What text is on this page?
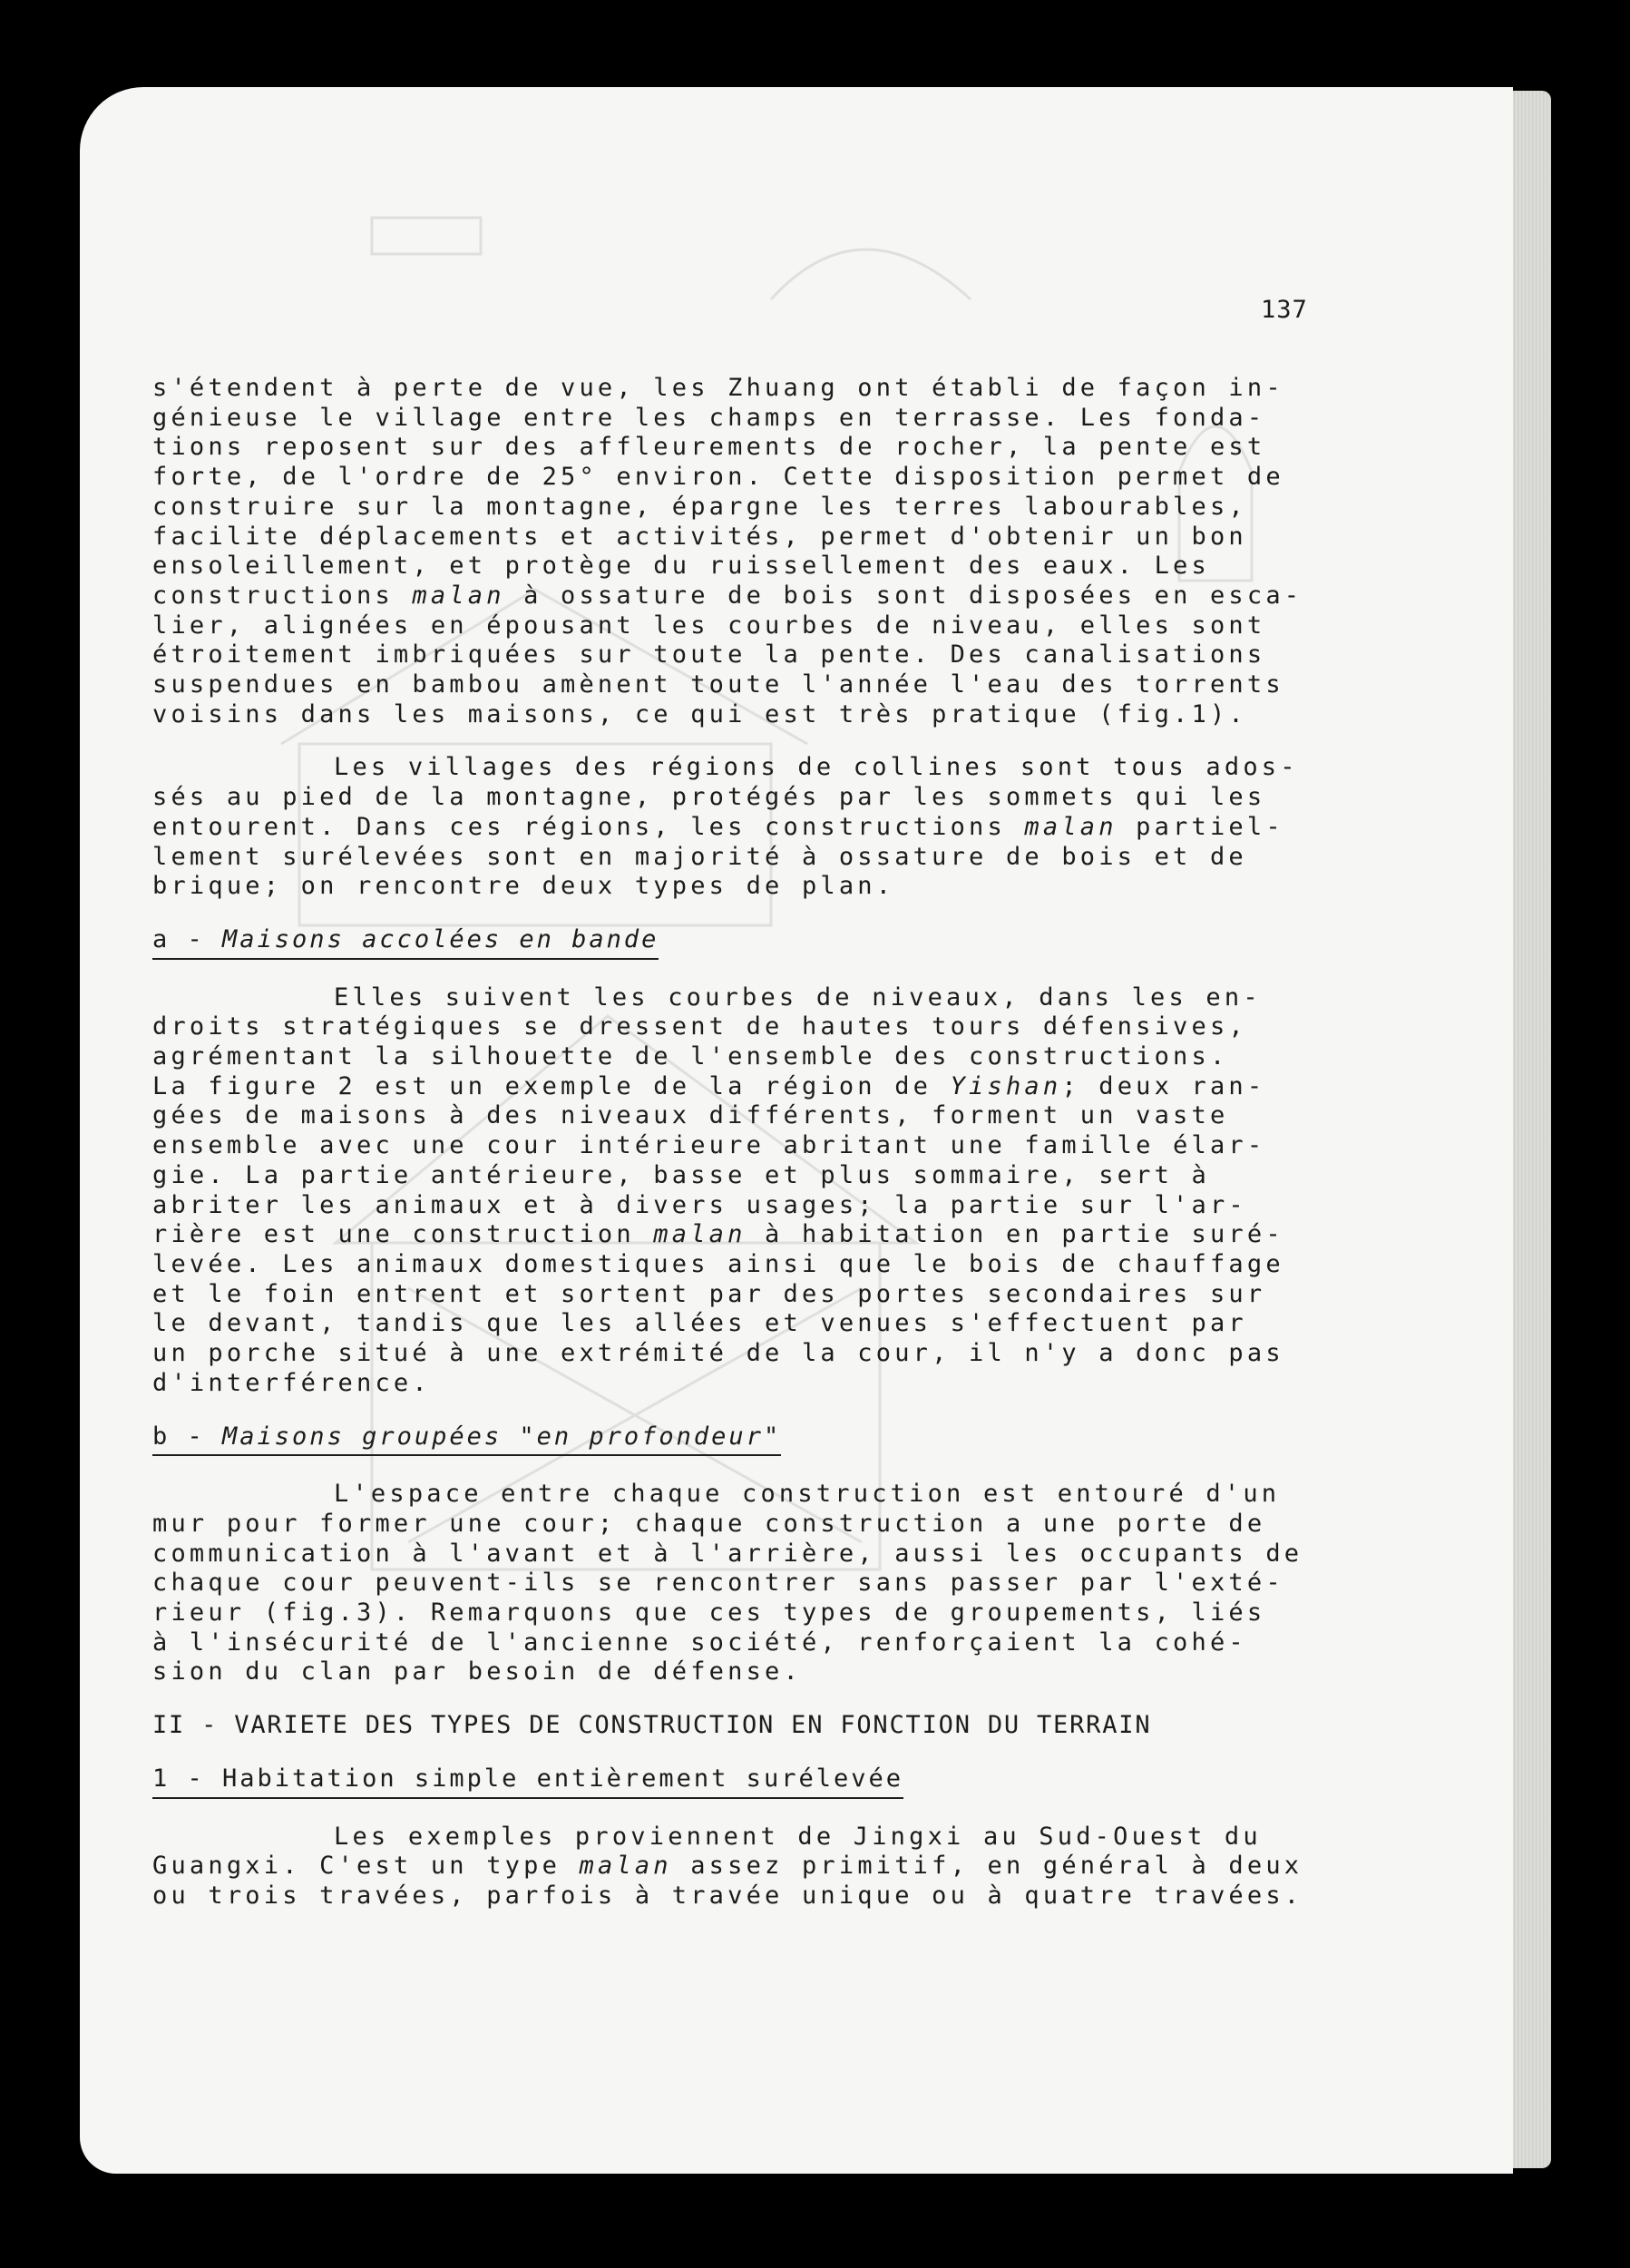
137

s'étendent à perte de vue, les Zhuang ont établi de façon in-

génieuse le village entre les champs en terrasse. Les fonda-

tions reposent sur des affleurements de rocher, la pente est

forte, de l'ordre de 25° environ. Cette disposition permet de

construire sur la montagne, épargne les terres labourables,

facilite déplacements et activités, permet d'obtenir un bon

ensoleillement, et protège du ruissellement des eaux. Les

constructions malan à ossature de bois sont disposées en esca-

lier, alignées en épousant les courbes de niveau, elles sont

étroitement imbriquées sur toute la pente. Des canalisations

suspendues en bambou amènent toute l'année l'eau des torrents

voisins dans les maisons, ce qui est très pratique (fig.1).

Les villages des régions de collines sont tous ados-

sés au pied de la montagne, protégés par les sommets qui les

entourent. Dans ces régions, les constructions malan partiel-

lement surélevées sont en majorité à ossature de bois et de

brique; on rencontre deux types de plan.

a - Maisons accolées en bande

Elles suivent les courbes de niveaux, dans les en-

droits stratégiques se dressent de hautes tours défensives,

agrémentant la silhouette de l'ensemble des constructions.

La figure 2 est un exemple de la région de Yishan; deux ran-

gées de maisons à des niveaux différents, forment un vaste

ensemble avec une cour intérieure abritant une famille élar-

gie. La partie antérieure, basse et plus sommaire, sert à

abriter les animaux et à divers usages; la partie sur l'ar-

rière est une construction malan à habitation en partie suré-

levée. Les animaux domestiques ainsi que le bois de chauffage

et le foin entrent et sortent par des portes secondaires sur

le devant, tandis que les allées et venues s'effectuent par

un porche situé à une extrémité de la cour, il n'y a donc pas

d'interférence.

b - Maisons groupées "en profondeur"

L'espace entre chaque construction est entouré d'un

mur pour former une cour; chaque construction a une porte de

communication à l'avant et à l'arrière, aussi les occupants de

chaque cour peuvent-ils se rencontrer sans passer par l'exté-

rieur (fig.3). Remarquons que ces types de groupements, liés

à l'insécurité de l'ancienne société, renforçaient la cohé-

sion du clan par besoin de défense.

II - VARIETE DES TYPES DE CONSTRUCTION EN FONCTION DU TERRAIN

1 - Habitation simple entièrement surélevée

Les exemples proviennent de Jingxi au Sud-Ouest du

Guangxi. C'est un type malan assez primitif, en général à deux

ou trois travées, parfois à travée unique ou à quatre travées.
